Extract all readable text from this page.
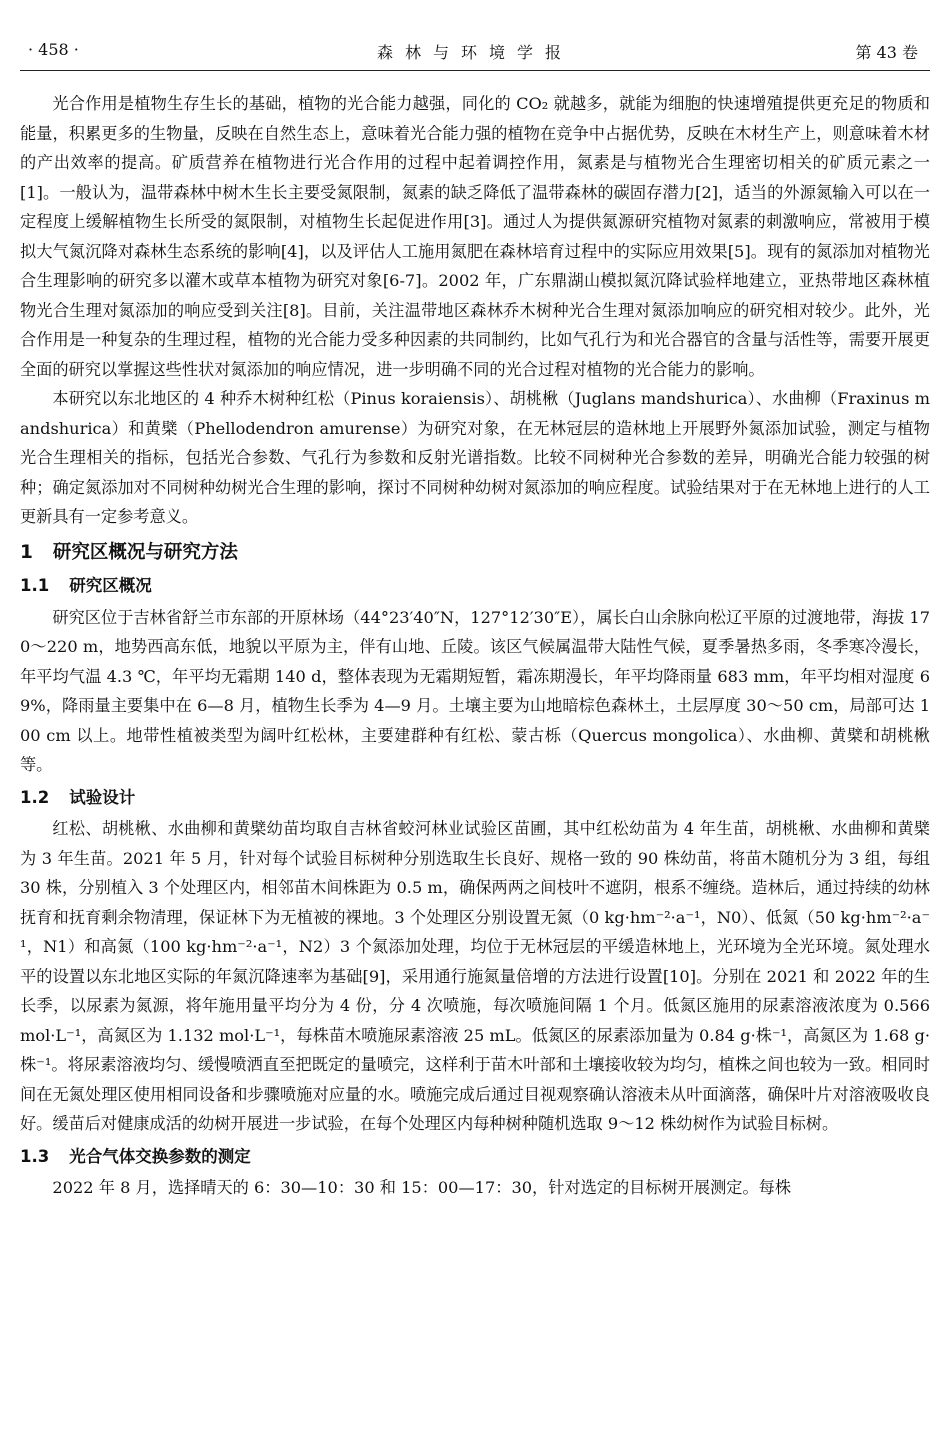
· 458 ·	森林与环境学报	第 43 卷

光合作用是植物生存生长的基础，植物的光合能力越强，同化的 CO₂ 就越多，就能为细胞的快速增殖提供更充足的物质和能量，积累更多的生物量，反映在自然生态上，意味着光合能力强的植物在竞争中占据优势，反映在木材生产上，则意味着木材的产出效率的提高。矿质营养在植物进行光合作用的过程中起着调控作用，氮素是与植物光合生理密切相关的矿质元素之一[1]。一般认为，温带森林中树木生长主要受氮限制，氮素的缺乏降低了温带森林的碳固存潜力[2]，适当的外源氮输入可以在一定程度上缓解植物生长所受的氮限制，对植物生长起促进作用[3]。通过人为提供氮源研究植物对氮素的刺激响应，常被用于模拟大气氮沉降对森林生态系统的影响[4]，以及评估人工施用氮肥在森林培育过程中的实际应用效果[5]。现有的氮添加对植物光合生理影响的研究多以灌木或草本植物为研究对象[6-7]。2002 年，广东鼎湖山模拟氮沉降试验样地建立，亚热带地区森林植物光合生理对氮添加的响应受到关注[8]。目前，关注温带地区森林乔木树种光合生理对氮添加响应的研究相对较少。此外，光合作用是一种复杂的生理过程，植物的光合能力受多种因素的共同制约，比如气孔行为和光合器官的含量与活性等，需要开展更全面的研究以掌握这些性状对氮添加的响应情况，进一步明确不同的光合过程对植物的光合能力的影响。

本研究以东北地区的 4 种乔木树种红松（Pinus koraiensis）、胡桃楸（Juglans mandshurica）、水曲柳（Fraxinus mandshurica）和黄檗（Phellodendron amurense）为研究对象，在无林冠层的造林地上开展野外氮添加试验，测定与植物光合生理相关的指标，包括光合参数、气孔行为参数和反射光谱指数。比较不同树种光合参数的差异，明确光合能力较强的树种；确定氮添加对不同树种幼树光合生理的影响，探讨不同树种幼树对氮添加的响应程度。试验结果对于在无林地上进行的人工更新具有一定参考意义。

1 研究区概况与研究方法
1.1 研究区概况

研究区位于吉林省舒兰市东部的开原林场（44°23′40″N，127°12′30″E），属长白山余脉向松辽平原的过渡地带，海拔 170～220 m，地势西高东低，地貌以平原为主，伴有山地、丘陵。该区气候属温带大陆性气候，夏季暑热多雨，冬季寒冷漫长，年平均气温 4.3 ℃，年平均无霜期 140 d，整体表现为无霜期短暂，霜冻期漫长，年平均降雨量 683 mm，年平均相对湿度 69%，降雨量主要集中在 6—8 月，植物生长季为 4—9 月。土壤主要为山地暗棕色森林土，土层厚度 30～50 cm，局部可达 100 cm 以上。地带性植被类型为阔叶红松林，主要建群种有红松、蒙古栎（Quercus mongolica）、水曲柳、黄檗和胡桃楸等。

1.2 试验设计

红松、胡桃楸、水曲柳和黄檗幼苗均取自吉林省蛟河林业试验区苗圃，其中红松幼苗为 4 年生苗，胡桃楸、水曲柳和黄檗为 3 年生苗。2021 年 5 月，针对每个试验目标树种分别选取生长良好、规格一致的 90 株幼苗，将苗木随机分为 3 组，每组 30 株，分别植入 3 个处理区内，相邻苗木间株距为 0.5 m，确保两两之间枝叶不遮阴，根系不缠绕。造林后，通过持续的幼林抚育和抚育剩余物清理，保证林下为无植被的裸地。3 个处理区分别设置无氮（0 kg·hm⁻²·a⁻¹，N0）、低氮（50 kg·hm⁻²·a⁻¹，N1）和高氮（100 kg·hm⁻²·a⁻¹，N2）3 个氮添加处理，均位于无林冠层的平缓造林地上，光环境为全光环境。氮处理水平的设置以东北地区实际的年氮沉降速率为基础[9]，采用通行施氮量倍增的方法进行设置[10]。分别在 2021 和 2022 年的生长季，以尿素为氮源，将年施用量平均分为 4 份，分 4 次喷施，每次喷施间隔 1 个月。低氮区施用的尿素溶液浓度为 0.566 mol·L⁻¹，高氮区为 1.132 mol·L⁻¹，每株苗木喷施尿素溶液 25 mL。低氮区的尿素添加量为 0.84 g·株⁻¹，高氮区为 1.68 g·株⁻¹。将尿素溶液均匀、缓慢喷洒直至把既定的量喷完，这样利于苗木叶部和土壤接收较为均匀，植株之间也较为一致。相同时间在无氮处理区使用相同设备和步骤喷施对应量的水。喷施完成后通过目视观察确认溶液未从叶面滴落，确保叶片对溶液吸收良好。缓苗后对健康成活的幼树开展进一步试验，在每个处理区内每种树种随机选取 9～12 株幼树作为试验目标树。

1.3 光合气体交换参数的测定

2022 年 8 月，选择晴天的 6：30—10：30 和 15：00—17：30，针对选定的目标树开展测定。每株
